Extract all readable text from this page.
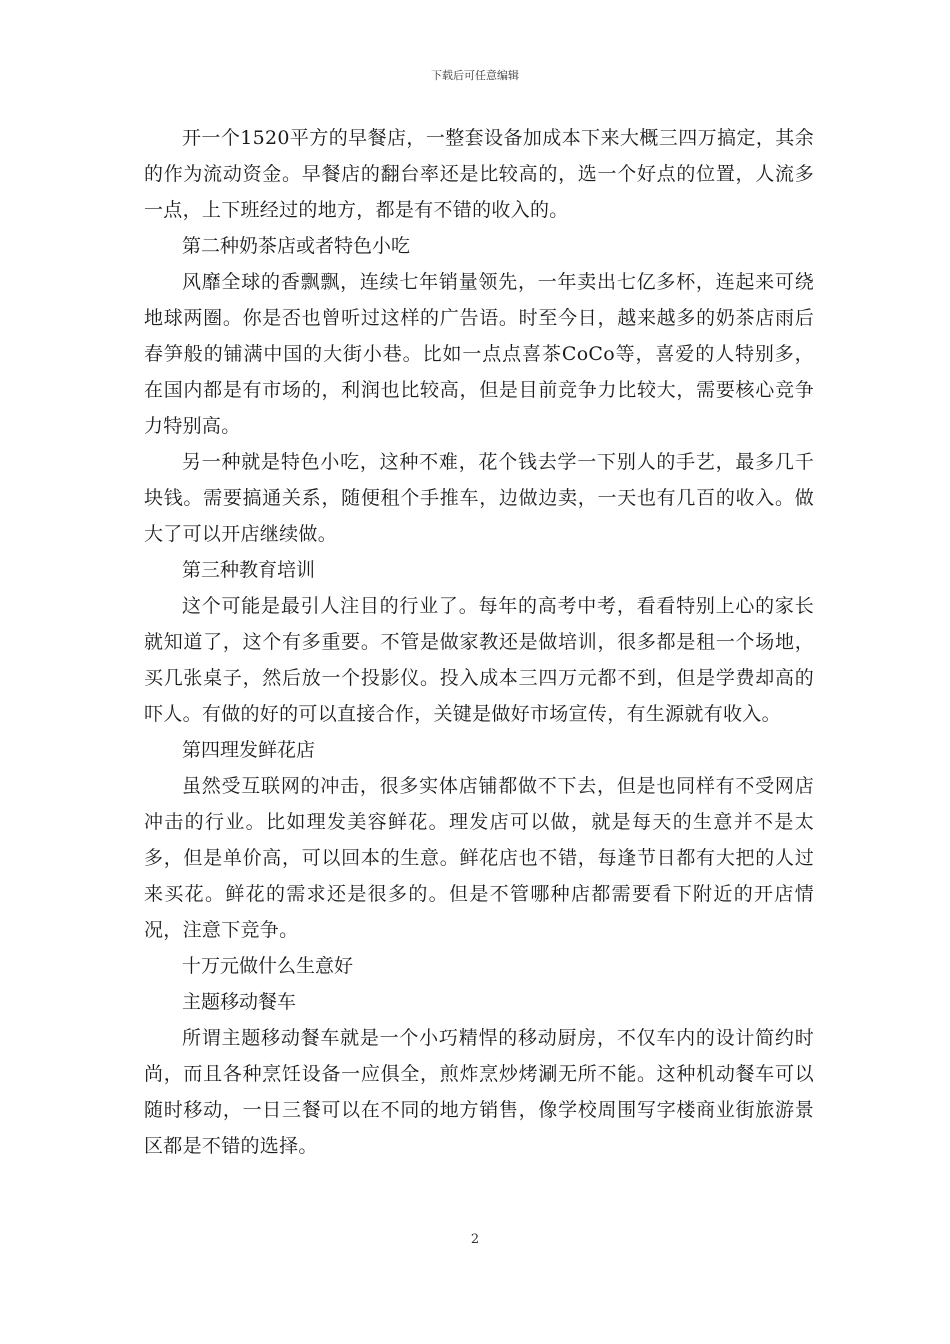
下载后可任意编辑

开一个1520平方的早餐店，一整套设备加成本下来大概三四万搞定，其余的作为流动资金。早餐店的翻台率还是比较高的，选一个好点的位置，人流多一点，上下班经过的地方，都是有不错的收入的。

第二种奶茶店或者特色小吃

风靡全球的香飘飘，连续七年销量领先，一年卖出七亿多杯，连起来可绕地球两圈。你是否也曾听过这样的广告语。时至今日，越来越多的奶茶店雨后春笋般的铺满中国的大街小巷。比如一点点喜茶CoCo等，喜爱的人特别多，在国内都是有市场的，利润也比较高，但是目前竞争力比较大，需要核心竞争力特别高。

另一种就是特色小吃，这种不难，花个钱去学一下别人的手艺，最多几千块钱。需要搞通关系，随便租个手推车，边做边卖，一天也有几百的收入。做大了可以开店继续做。

第三种教育培训

这个可能是最引人注目的行业了。每年的高考中考，看看特别上心的家长就知道了，这个有多重要。不管是做家教还是做培训，很多都是租一个场地，买几张桌子，然后放一个投影仪。投入成本三四万元都不到，但是学费却高的吓人。有做的好的可以直接合作，关键是做好市场宣传，有生源就有收入。

第四理发鲜花店

虽然受互联网的冲击，很多实体店铺都做不下去，但是也同样有不受网店冲击的行业。比如理发美容鲜花。理发店可以做，就是每天的生意并不是太多，但是单价高，可以回本的生意。鲜花店也不错，每逢节日都有大把的人过来买花。鲜花的需求还是很多的。但是不管哪种店都需要看下附近的开店情况，注意下竞争。

十万元做什么生意好

主题移动餐车

所谓主题移动餐车就是一个小巧精悍的移动厨房，不仅车内的设计简约时尚，而且各种烹饪设备一应俱全，煎炸烹炒烤涮无所不能。这种机动餐车可以随时移动，一日三餐可以在不同的地方销售，像学校周围写字楼商业街旅游景区都是不错的选择。

2
